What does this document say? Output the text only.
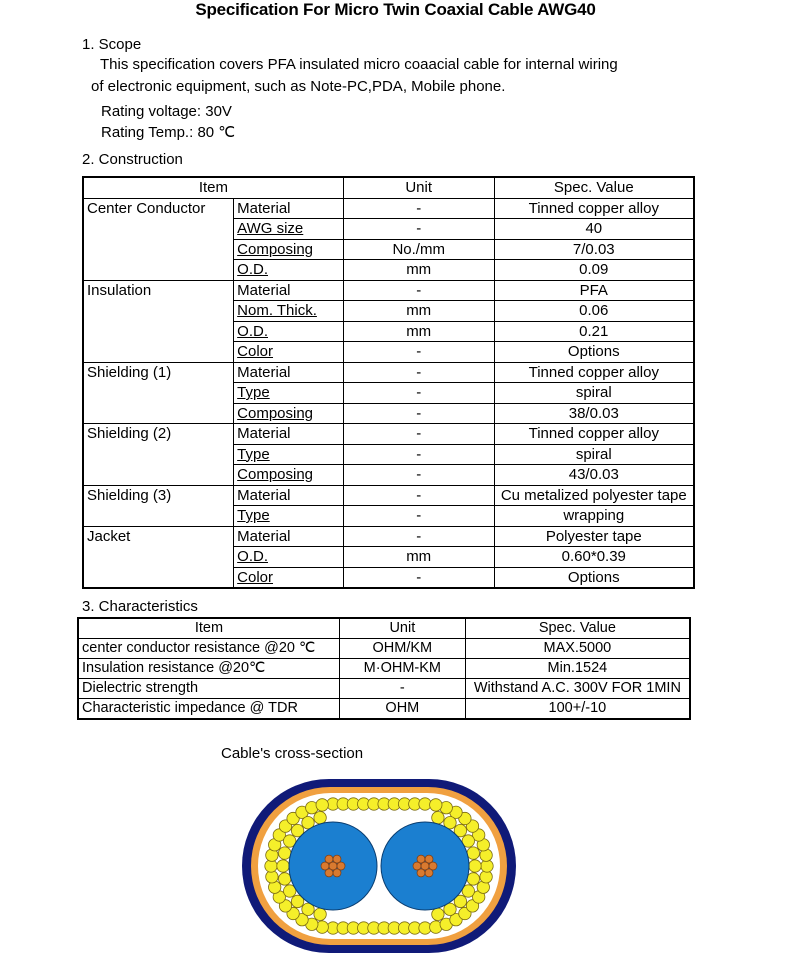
Specification For Micro Twin Coaxial Cable AWG40
1. Scope
This specification covers PFA insulated micro coaacial cable for internal wiring
of electronic equipment, such as Note-PC,PDA, Mobile phone.
Rating voltage: 30V
Rating Temp.: 80 ℃
2. Construction
Item		Unit	Spec. Value
Center Conductor	Material	-	Tinned copper alloy
	AWG size	-	40
	Composing	No./mm	7/0.03
	O.D.	mm	0.09
Insulation	Material	-	PFA
	Nom. Thick.	mm	0.06
	O.D.	mm	0.21
	Color	-	Options
Shielding (1)	Material	-	Tinned copper alloy
	Type	-	spiral
	Composing	-	38/0.03
Shielding (2)	Material	-	Tinned copper alloy
	Type	-	spiral
	Composing	-	43/0.03
Shielding (3)	Material	-	Cu metalized polyester tape
	Type	-	wrapping
Jacket	Material	-	Polyester tape
	O.D.	mm	0.60*0.39
	Color	-	Options
3. Characteristics
Item	Unit	Spec. Value
center conductor resistance @20 ℃	OHM/KM	MAX.5000
Insulation resistance @20℃	M·OHM-KM	Min.1524
Dielectric strength	-	Withstand A.C. 300V FOR 1MIN
Characteristic impedance @ TDR	OHM	100+/-10
Cable's cross-section
